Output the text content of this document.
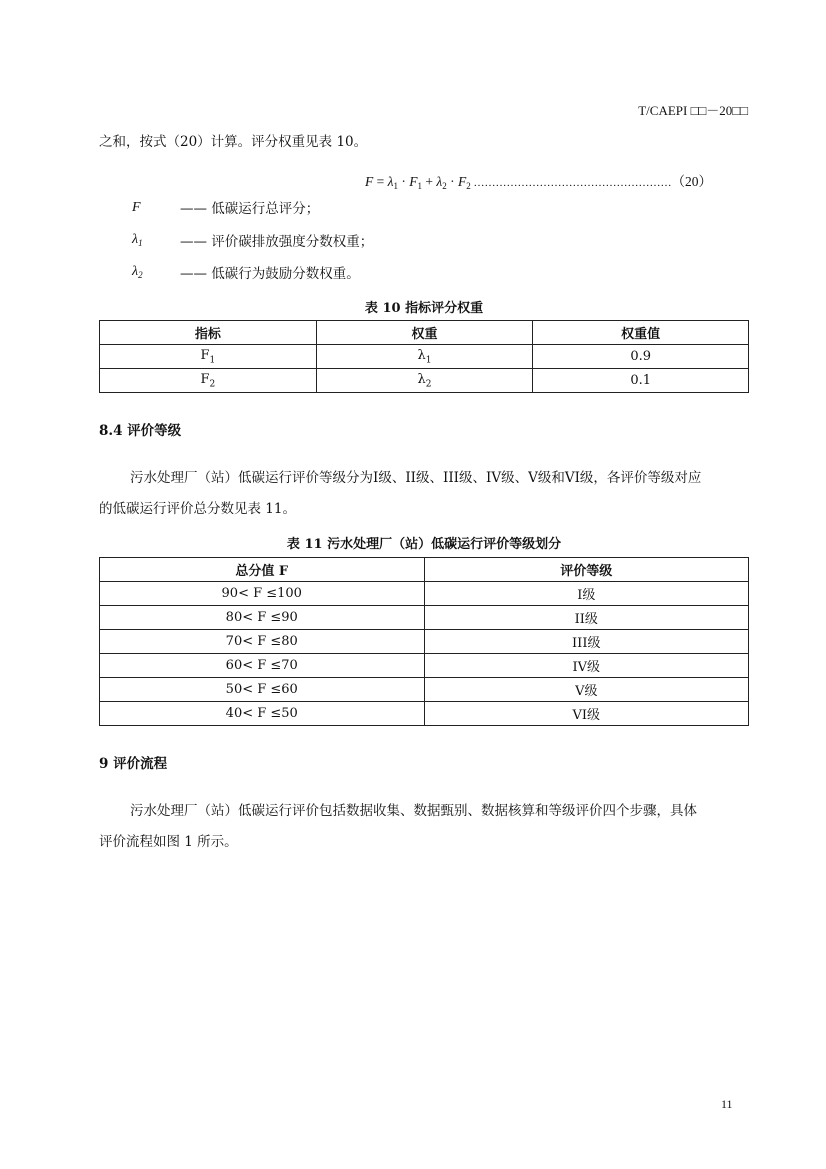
T/CAEPI □□－20□□
之和，按式（20）计算。评分权重见表 10。
$F = \lambda_1 \cdot F_1 + \lambda_2 \cdot F_2$ ………………………………………………（20）
F	—— 低碳运行总评分；
$\lambda_1$	—— 评价碳排放强度分数权重；
$\lambda_2$	—— 低碳行为鼓励分数权重。
表 10 指标评分权重
指标	权重	权重值
$F_1$	$\lambda_1$	0.9
$F_2$	$\lambda_2$	0.1
8.4 评价等级
污水处理厂（站）低碳运行评价等级分为I级、II级、III级、IV级、V级和VI级，各评价等级对应
的低碳运行评价总分数见表 11。
表 11 污水处理厂（站）低碳运行评价等级划分
总分值 F	评价等级
90< F ≤100	I级
80< F ≤90	II级
70< F ≤80	III级
60< F ≤70	IV级
50< F ≤60	V级
40< F ≤50	VI级
9 评价流程
污水处理厂（站）低碳运行评价包括数据收集、数据甄别、数据核算和等级评价四个步骤，具体
评价流程如图 1 所示。
11
